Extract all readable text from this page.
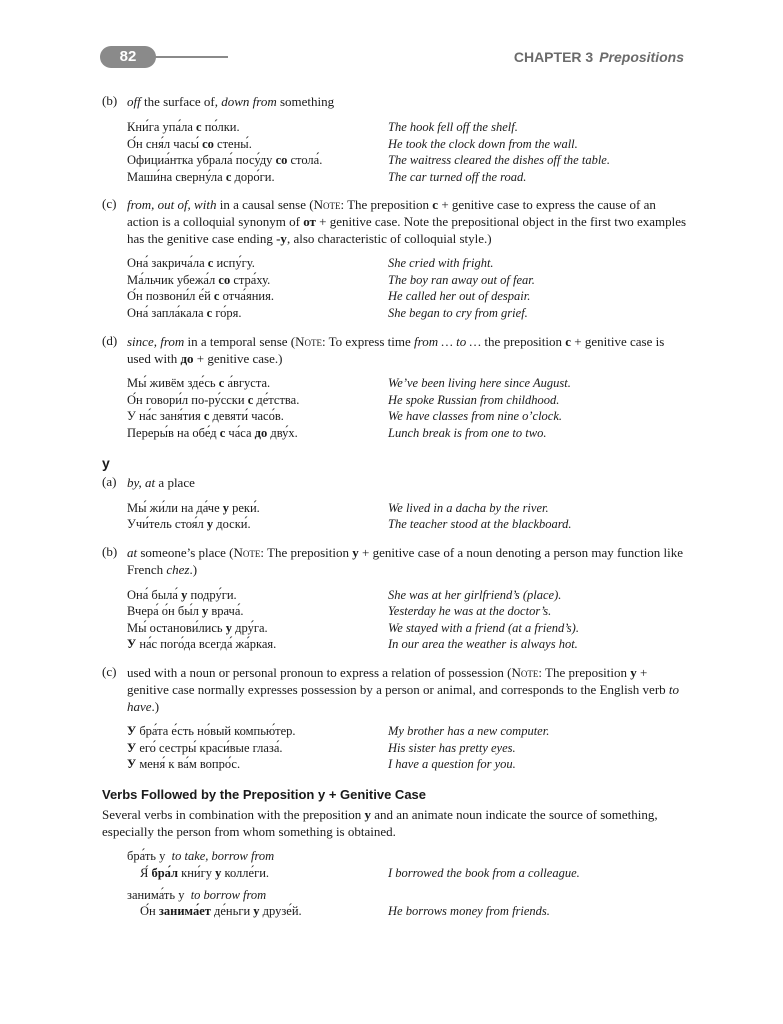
82	CHAPTER 3 Prepositions
(b) off the surface of, down from something
Кни́га упа́ла с по́лки.	The hook fell off the shelf.
О́н сня́л часы́ со стены́.	He took the clock down from the wall.
Официа́нтка убрала́ посу́ду со стола́.	The waitress cleared the dishes off the table.
Маши́на сверну́ла с доро́ги.	The car turned off the road.
(c) from, out of, with in a causal sense (Note: The preposition с + genitive case to express the cause of an action is a colloquial synonym of от + genitive case. Note the prepositional object in the first two examples has the genitive case ending -у, also characteristic of colloquial style.)
Она́ закрича́ла с испу́гу.	She cried with fright.
Ма́льчик убежа́л со стра́ху.	The boy ran away out of fear.
О́н позвони́л е́й с отча́яния.	He called her out of despair.
Она́ запла́кала с го́ря.	She began to cry from grief.
(d) since, from in a temporal sense (Note: To express time from … to … the preposition с + genitive case is used with до + genitive case.)
Мы́ живём зде́сь с а́вгуста.	We’ve been living here since August.
О́н говори́л по-ру́сски с де́тства.	He spoke Russian from childhood.
У на́с заня́тия с девяти́ часо́в.	We have classes from nine o’clock.
Переры́в на обе́д с ча́са до дву́х.	Lunch break is from one to two.
у
(a) by, at a place
Мы́ жи́ли на да́че у реки́.	We lived in a dacha by the river.
Учи́тель стоя́л у доски́.	The teacher stood at the blackboard.
(b) at someone’s place (Note: The preposition у + genitive case of a noun denoting a person may function like French chez.)
Она́ была́ у подру́ги.	She was at her girlfriend’s (place).
Вчера́ о́н бы́л у врача́.	Yesterday he was at the doctor’s.
Мы́ останови́лись у дру́га.	We stayed with a friend (at a friend’s).
У на́с пого́да всегда́ жа́ркая.	In our area the weather is always hot.
(c) used with a noun or personal pronoun to express a relation of possession (Note: The preposition у + genitive case normally expresses possession by a person or animal, and corresponds to the English verb to have.)
У бра́та е́сть но́вый компью́тер.	My brother has a new computer.
У его́ сестры́ краси́вые глаза́.	His sister has pretty eyes.
У меня́ к ва́м вопро́с.	I have a question for you.
Verbs Followed by the Preposition у + Genitive Case
Several verbs in combination with the preposition у and an animate noun indicate the source of something, especially the person from whom something is obtained.
бра́ть у to take, borrow from
Я́ бра́л кни́гу у колле́ги.	I borrowed the book from a colleague.
занима́ть у to borrow from
О́н занима́ет де́ньги у друзе́й.	He borrows money from friends.
